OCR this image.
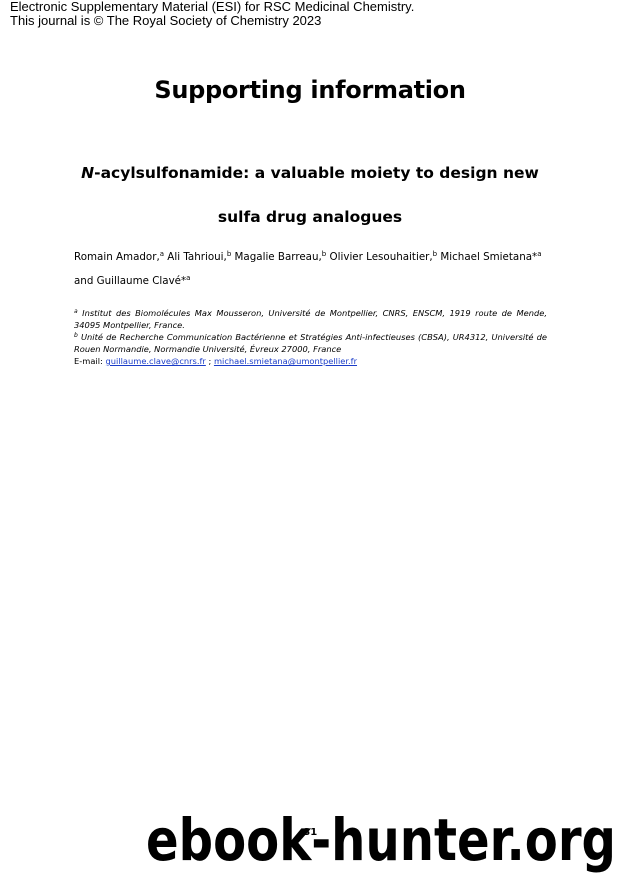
Electronic Supplementary Material (ESI) for RSC Medicinal Chemistry.
This journal is © The Royal Society of Chemistry 2023
Supporting information
N-acylsulfonamide: a valuable moiety to design new
sulfa drug analogues
Romain Amador,$^a$ Ali Tahrioui,$^b$ Magalie Barreau,$^b$ Olivier Lesouhaitier,$^b$ Michael Smietana*$^a$
and Guillaume Clavé*$^a$
$^a$ Institut des Biomolécules Max Mousseron, Université de Montpellier, CNRS, ENSCM, 1919 route de Mende, 34095 Montpellier, France.
$^b$ Unité de Recherche Communication Bactérienne et Stratégies Anti-infectieuses (CBSA), UR4312, Université de Rouen Normandie, Normandie Université, Évreux 27000, France
E-mail: guillaume.clave@cnrs.fr ; michael.smietana@umontpellier.fr
S1
ebook-hunter.org
